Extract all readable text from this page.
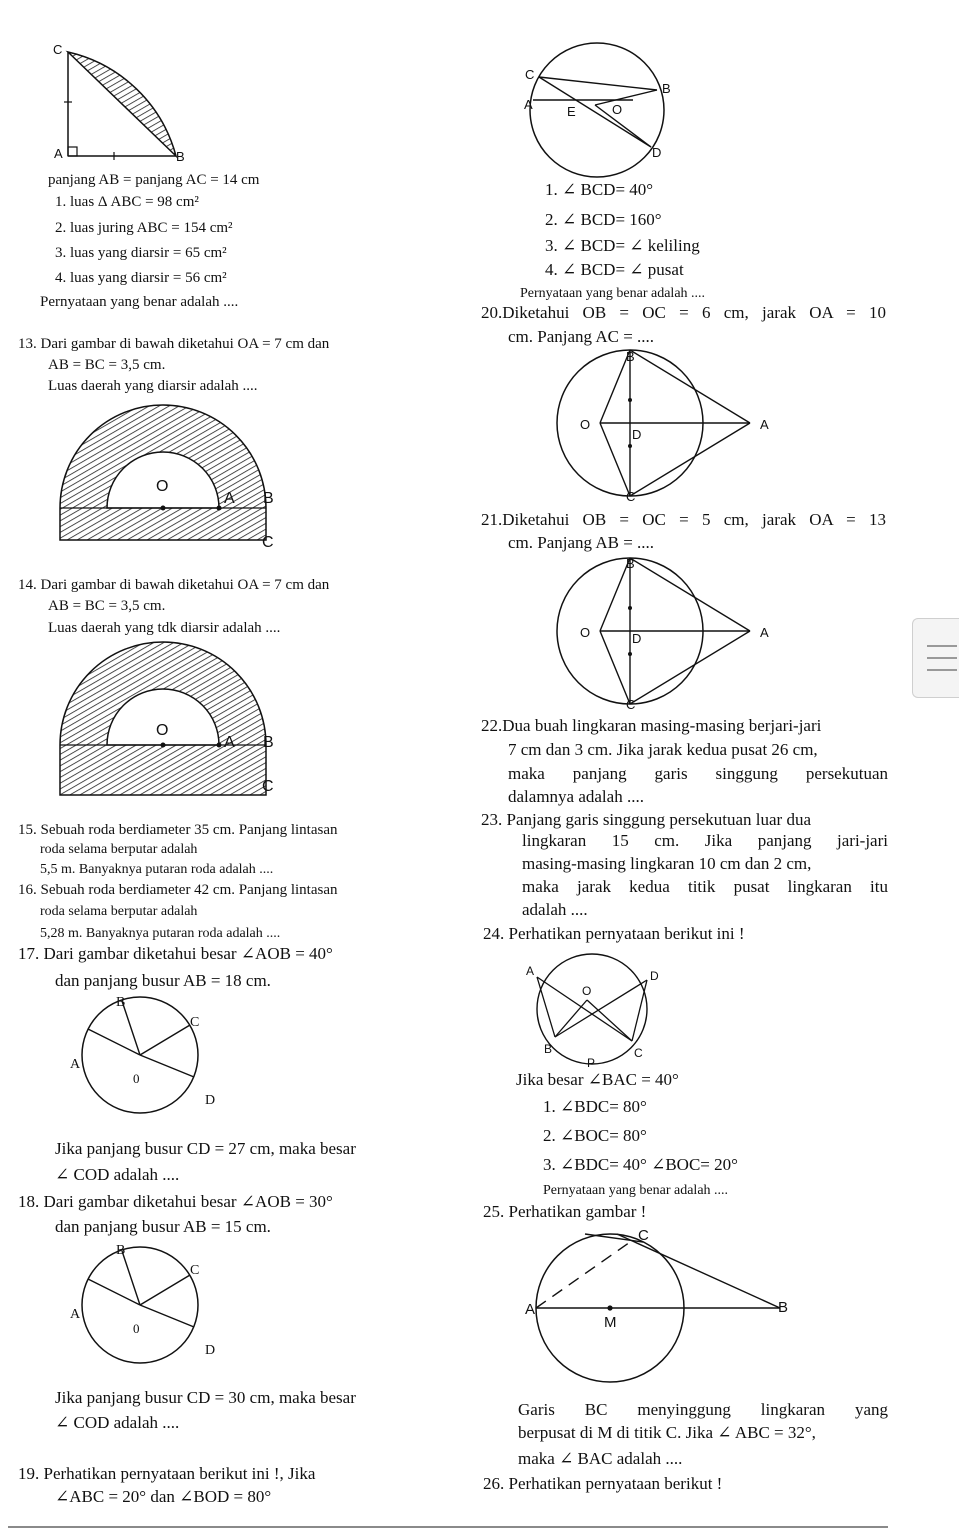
C
A	B
panjang AB = panjang AC = 14 cm
1. luas Δ ABC = 98 cm²
2. luas juring ABC = 154 cm²
3. luas yang diarsir = 65 cm²
4. luas yang diarsir = 56 cm²
Pernyataan yang benar adalah ....
13. Dari gambar di bawah diketahui OA = 7 cm dan
AB = BC = 3,5 cm.
Luas daerah yang diarsir adalah ....
O
A B
C
14. Dari gambar di bawah diketahui OA = 7 cm dan
AB = BC = 3,5 cm.
Luas daerah yang tdk diarsir adalah ....
O
A B
C
15. Sebuah roda berdiameter 35 cm. Panjang lintasan
roda selama berputar adalah
5,5 m. Banyaknya putaran roda adalah ....
16. Sebuah roda berdiameter 42 cm. Panjang lintasan
roda selama berputar adalah
5,28 m. Banyaknya putaran roda adalah ....
17. Dari gambar diketahui besar ∠AOB = 40°
dan panjang busur AB = 18 cm.
B
C
A
0
D
Jika panjang busur CD = 27 cm, maka besar
∠ COD adalah ....
18. Dari gambar diketahui besar ∠AOB = 30°
dan panjang busur AB = 15 cm.
B
C
A
0
D
Jika panjang busur CD = 30 cm, maka besar
∠ COD adalah ....
19. Perhatikan pernyataan berikut ini !, Jika
∠ABC = 20° dan ∠BOD = 80°
C
B
A	E	O
D
1. ∠ BCD= 40°
2. ∠ BCD= 160°
3. ∠ BCD= ∠ keliling
4. ∠ BCD= ∠ pusat
Pernyataan yang benar adalah ....
20.Diketahui OB = OC = 6 cm, jarak OA = 10
cm. Panjang AC = ....
B
O
D
A
C
21.Diketahui OB = OC = 5 cm, jarak OA = 13
cm. Panjang AB = ....
B
O	D	A
C
22.Dua buah lingkaran masing-masing berjari-jari
7 cm dan 3 cm. Jika jarak kedua pusat 26 cm,
maka panjang garis singgung persekutuan
dalamnya adalah ....
23. Panjang garis singgung persekutuan luar dua
lingkaran 15 cm. Jika panjang jari-jari
masing-masing lingkaran 10 cm dan 2 cm,
maka jarak kedua titik pusat lingkaran itu
adalah ....
24. Perhatikan pernyataan berikut ini !
A	D
O
B
P
C
Jika besar ∠BAC = 40°
1. ∠BDC= 80°
2. ∠BOC= 80°
3. ∠BDC= 40° ∠BOC= 20°
Pernyataan yang benar adalah ....
25. Perhatikan gambar !
C
A
M
B
Garis BC menyinggung lingkaran yang
berpusat di M di titik C. Jika ∠ ABC = 32°,
maka ∠ BAC adalah ....
26. Perhatikan pernyataan berikut !
